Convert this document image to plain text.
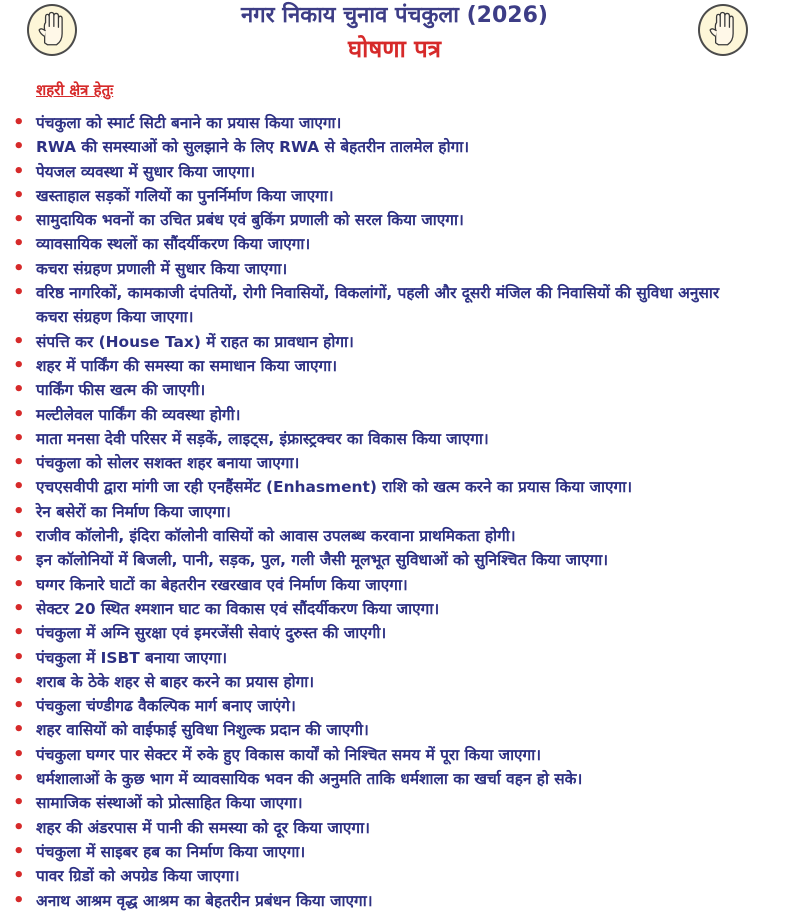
नगर निकाय चुनाव पंचकुला (2026)
घोषणा पत्र
शहरी क्षेत्र हेतुः
• पंचकुला को स्मार्ट सिटी बनाने का प्रयास किया जाएगा।
• RWA की समस्याओं को सुलझाने के लिए RWA से बेहतरीन तालमेल होगा।
• पेयजल व्यवस्था में सुधार किया जाएगा।
• खस्ताहाल सड़कों गलियों का पुनर्निर्माण किया जाएगा।
• सामुदायिक भवनों का उचित प्रबंध एवं बुकिंग प्रणाली को सरल किया जाएगा।
• व्यावसायिक स्थलों का सौंदर्यीकरण किया जाएगा।
• कचरा संग्रहण प्रणाली में सुधार किया जाएगा।
• वरिष्ठ नागरिकों, कामकाजी दंपतियों, रोगी निवासियों, विकलांगों, पहली और दूसरी मंजिल की निवासियों की सुविधा अनुसार कचरा संग्रहण किया जाएगा।
• संपत्ति कर (House Tax) में राहत का प्रावधान होगा।
• शहर में पार्किंग की समस्या का समाधान किया जाएगा।
• पार्किंग फीस खत्म की जाएगी।
• मल्टीलेवल पार्किंग की व्यवस्था होगी।
• माता मनसा देवी परिसर में सड़कें, लाइट्स, इंफ्रास्ट्रक्चर का विकास किया जाएगा।
• पंचकुला को सोलर सशक्त शहर बनाया जाएगा।
• एचएसवीपी द्वारा मांगी जा रही एनहैंसमेंट (Enhasment) राशि को खत्म करने का प्रयास किया जाएगा।
• रेन बसेरों का निर्माण किया जाएगा।
• राजीव कॉलोनी, इंदिरा कॉलोनी वासियों को आवास उपलब्ध करवाना प्राथमिकता होगी।
• इन कॉलोनियों में बिजली, पानी, सड़क, पुल, गली जैसी मूलभूत सुविधाओं को सुनिश्चित किया जाएगा।
• घग्गर किनारे घाटों का बेहतरीन रखरखाव एवं निर्माण किया जाएगा।
• सेक्टर 20 स्थित श्मशान घाट का विकास एवं सौंदर्यीकरण किया जाएगा।
• पंचकुला में अग्नि सुरक्षा एवं इमरजेंसी सेवाएं दुरुस्त की जाएगी।
• पंचकुला में ISBT बनाया जाएगा।
• शराब के ठेके शहर से बाहर करने का प्रयास होगा।
• पंचकुला चंण्डीगढ वैकल्पिक मार्ग बनाए जाएंगे।
• शहर वासियों को वाईफाई सुविधा निशुल्क प्रदान की जाएगी।
• पंचकुला घग्गर पार सेक्टर में रुके हुए विकास कार्यों को निश्चित समय में पूरा किया जाएगा।
• धर्मशालाओं के कुछ भाग में व्यावसायिक भवन की अनुमति ताकि धर्मशाला का खर्चा वहन हो सके।
• सामाजिक संस्थाओं को प्रोत्साहित किया जाएगा।
• शहर की अंडरपास में पानी की समस्या को दूर किया जाएगा।
• पंचकुला में साइबर हब का निर्माण किया जाएगा।
• पावर ग्रिडों को अपग्रेड किया जाएगा।
• अनाथ आश्रम वृद्ध आश्रम का बेहतरीन प्रबंधन किया जाएगा।
